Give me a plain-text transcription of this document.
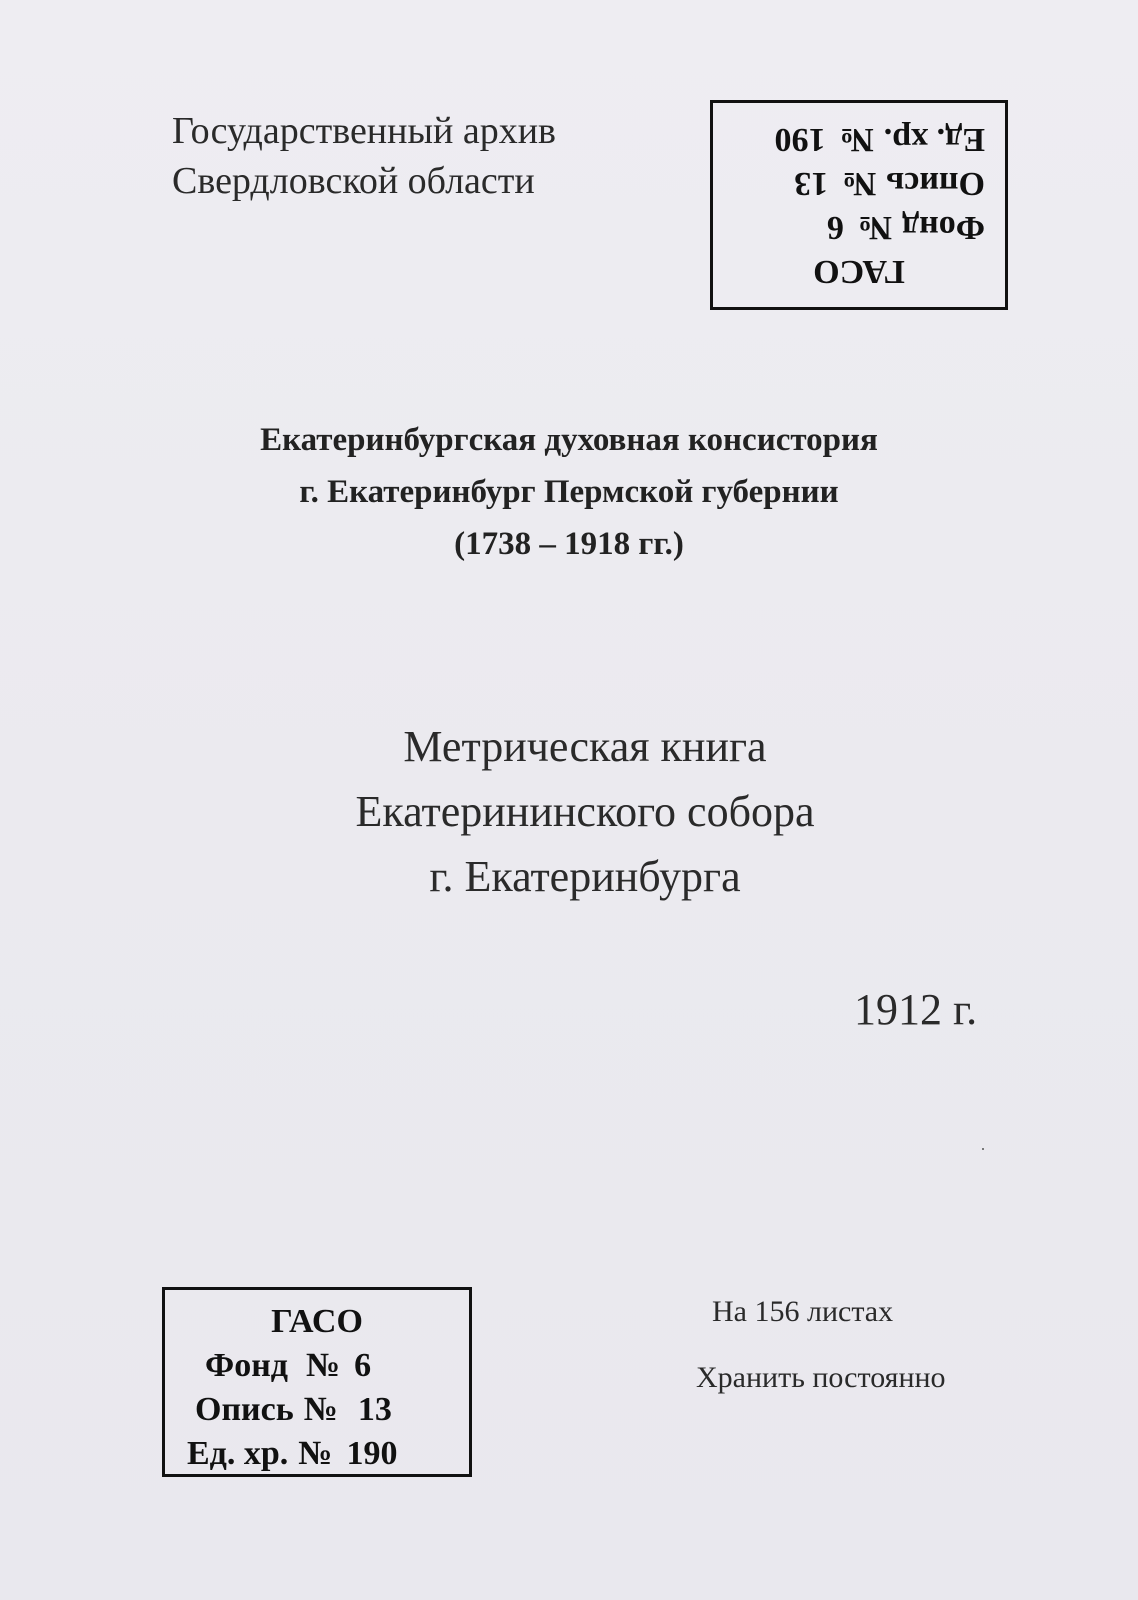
Государственный архив
Свердловской области
ГАСО
Фонд№6
Опись№13
Ед. хр.№190
Екатеринбургская духовная консистория
г. Екатеринбург Пермской губернии
(1738 – 1918 гг.)
Метрическая книга
Екатерининского собора
г. Екатеринбурга
1912 г.
ГАСО
Фонд № 6
Опись № 13
Ед. хр. № 190
На 156 листах
Хранить постоянно
